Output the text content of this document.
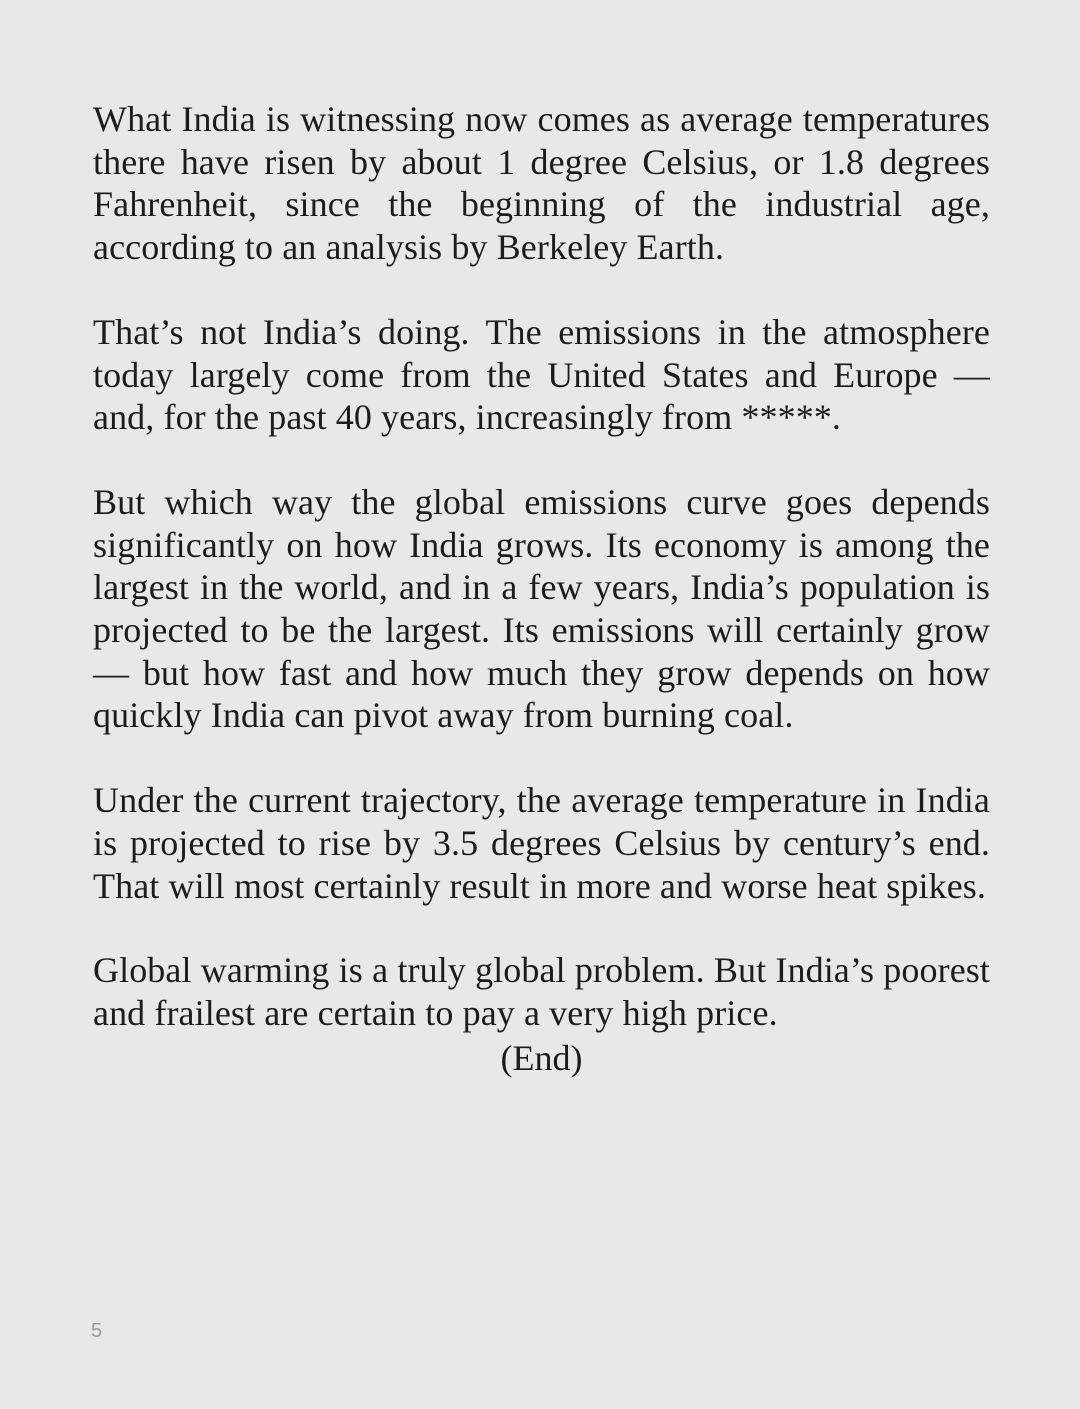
What India is witnessing now comes as average temperatures there have risen by about 1 degree Celsius, or 1.8 degrees Fahrenheit, since the beginning of the industrial age, according to an analysis by Berkeley Earth.

That’s not India’s doing. The emissions in the atmosphere today largely come from the United States and Europe — and, for the past 40 years, increasingly from *****.

But which way the global emissions curve goes depends significantly on how India grows. Its economy is among the largest in the world, and in a few years, India’s population is projected to be the largest. Its emissions will certainly grow — but how fast and how much they grow depends on how quickly India can pivot away from burning coal.

Under the current trajectory, the average temperature in India is projected to rise by 3.5 degrees Celsius by century’s end. That will most certainly result in more and worse heat spikes.

Global warming is a truly global problem. But India’s poorest and frailest are certain to pay a very high price.

(End)
5
